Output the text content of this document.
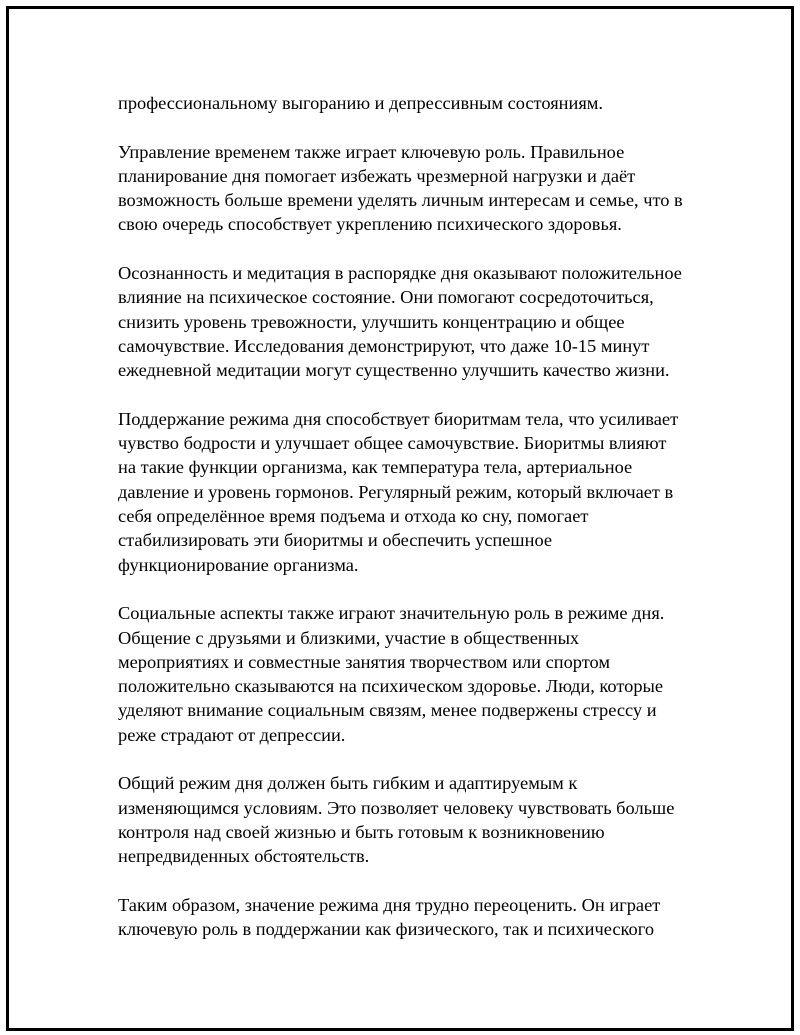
профессиональному выгоранию и депрессивным состояниям.
Управление временем также играет ключевую роль. Правильное
планирование дня помогает избежать чрезмерной нагрузки и даёт
возможность больше времени уделять личным интересам и семье, что в
свою очередь способствует укреплению психического здоровья.
Осознанность и медитация в распорядке дня оказывают положительное
влияние на психическое состояние. Они помогают сосредоточиться,
снизить уровень тревожности, улучшить концентрацию и общее
самочувствие. Исследования демонстрируют, что даже 10-15 минут
ежедневной медитации могут существенно улучшить качество жизни.
Поддержание режима дня способствует биоритмам тела, что усиливает
чувство бодрости и улучшает общее самочувствие. Биоритмы влияют
на такие функции организма, как температура тела, артериальное
давление и уровень гормонов. Регулярный режим, который включает в
себя определённое время подъема и отхода ко сну, помогает
стабилизировать эти биоритмы и обеспечить успешное
функционирование организма.
Социальные аспекты также играют значительную роль в режиме дня.
Общение с друзьями и близкими, участие в общественных
мероприятиях и совместные занятия творчеством или спортом
положительно сказываются на психическом здоровье. Люди, которые
уделяют внимание социальным связям, менее подвержены стрессу и
реже страдают от депрессии.
Общий режим дня должен быть гибким и адаптируемым к
изменяющимся условиям. Это позволяет человеку чувствовать больше
контроля над своей жизнью и быть готовым к возникновению
непредвиденных обстоятельств.
Таким образом, значение режима дня трудно переоценить. Он играет
ключевую роль в поддержании как физического, так и психического
